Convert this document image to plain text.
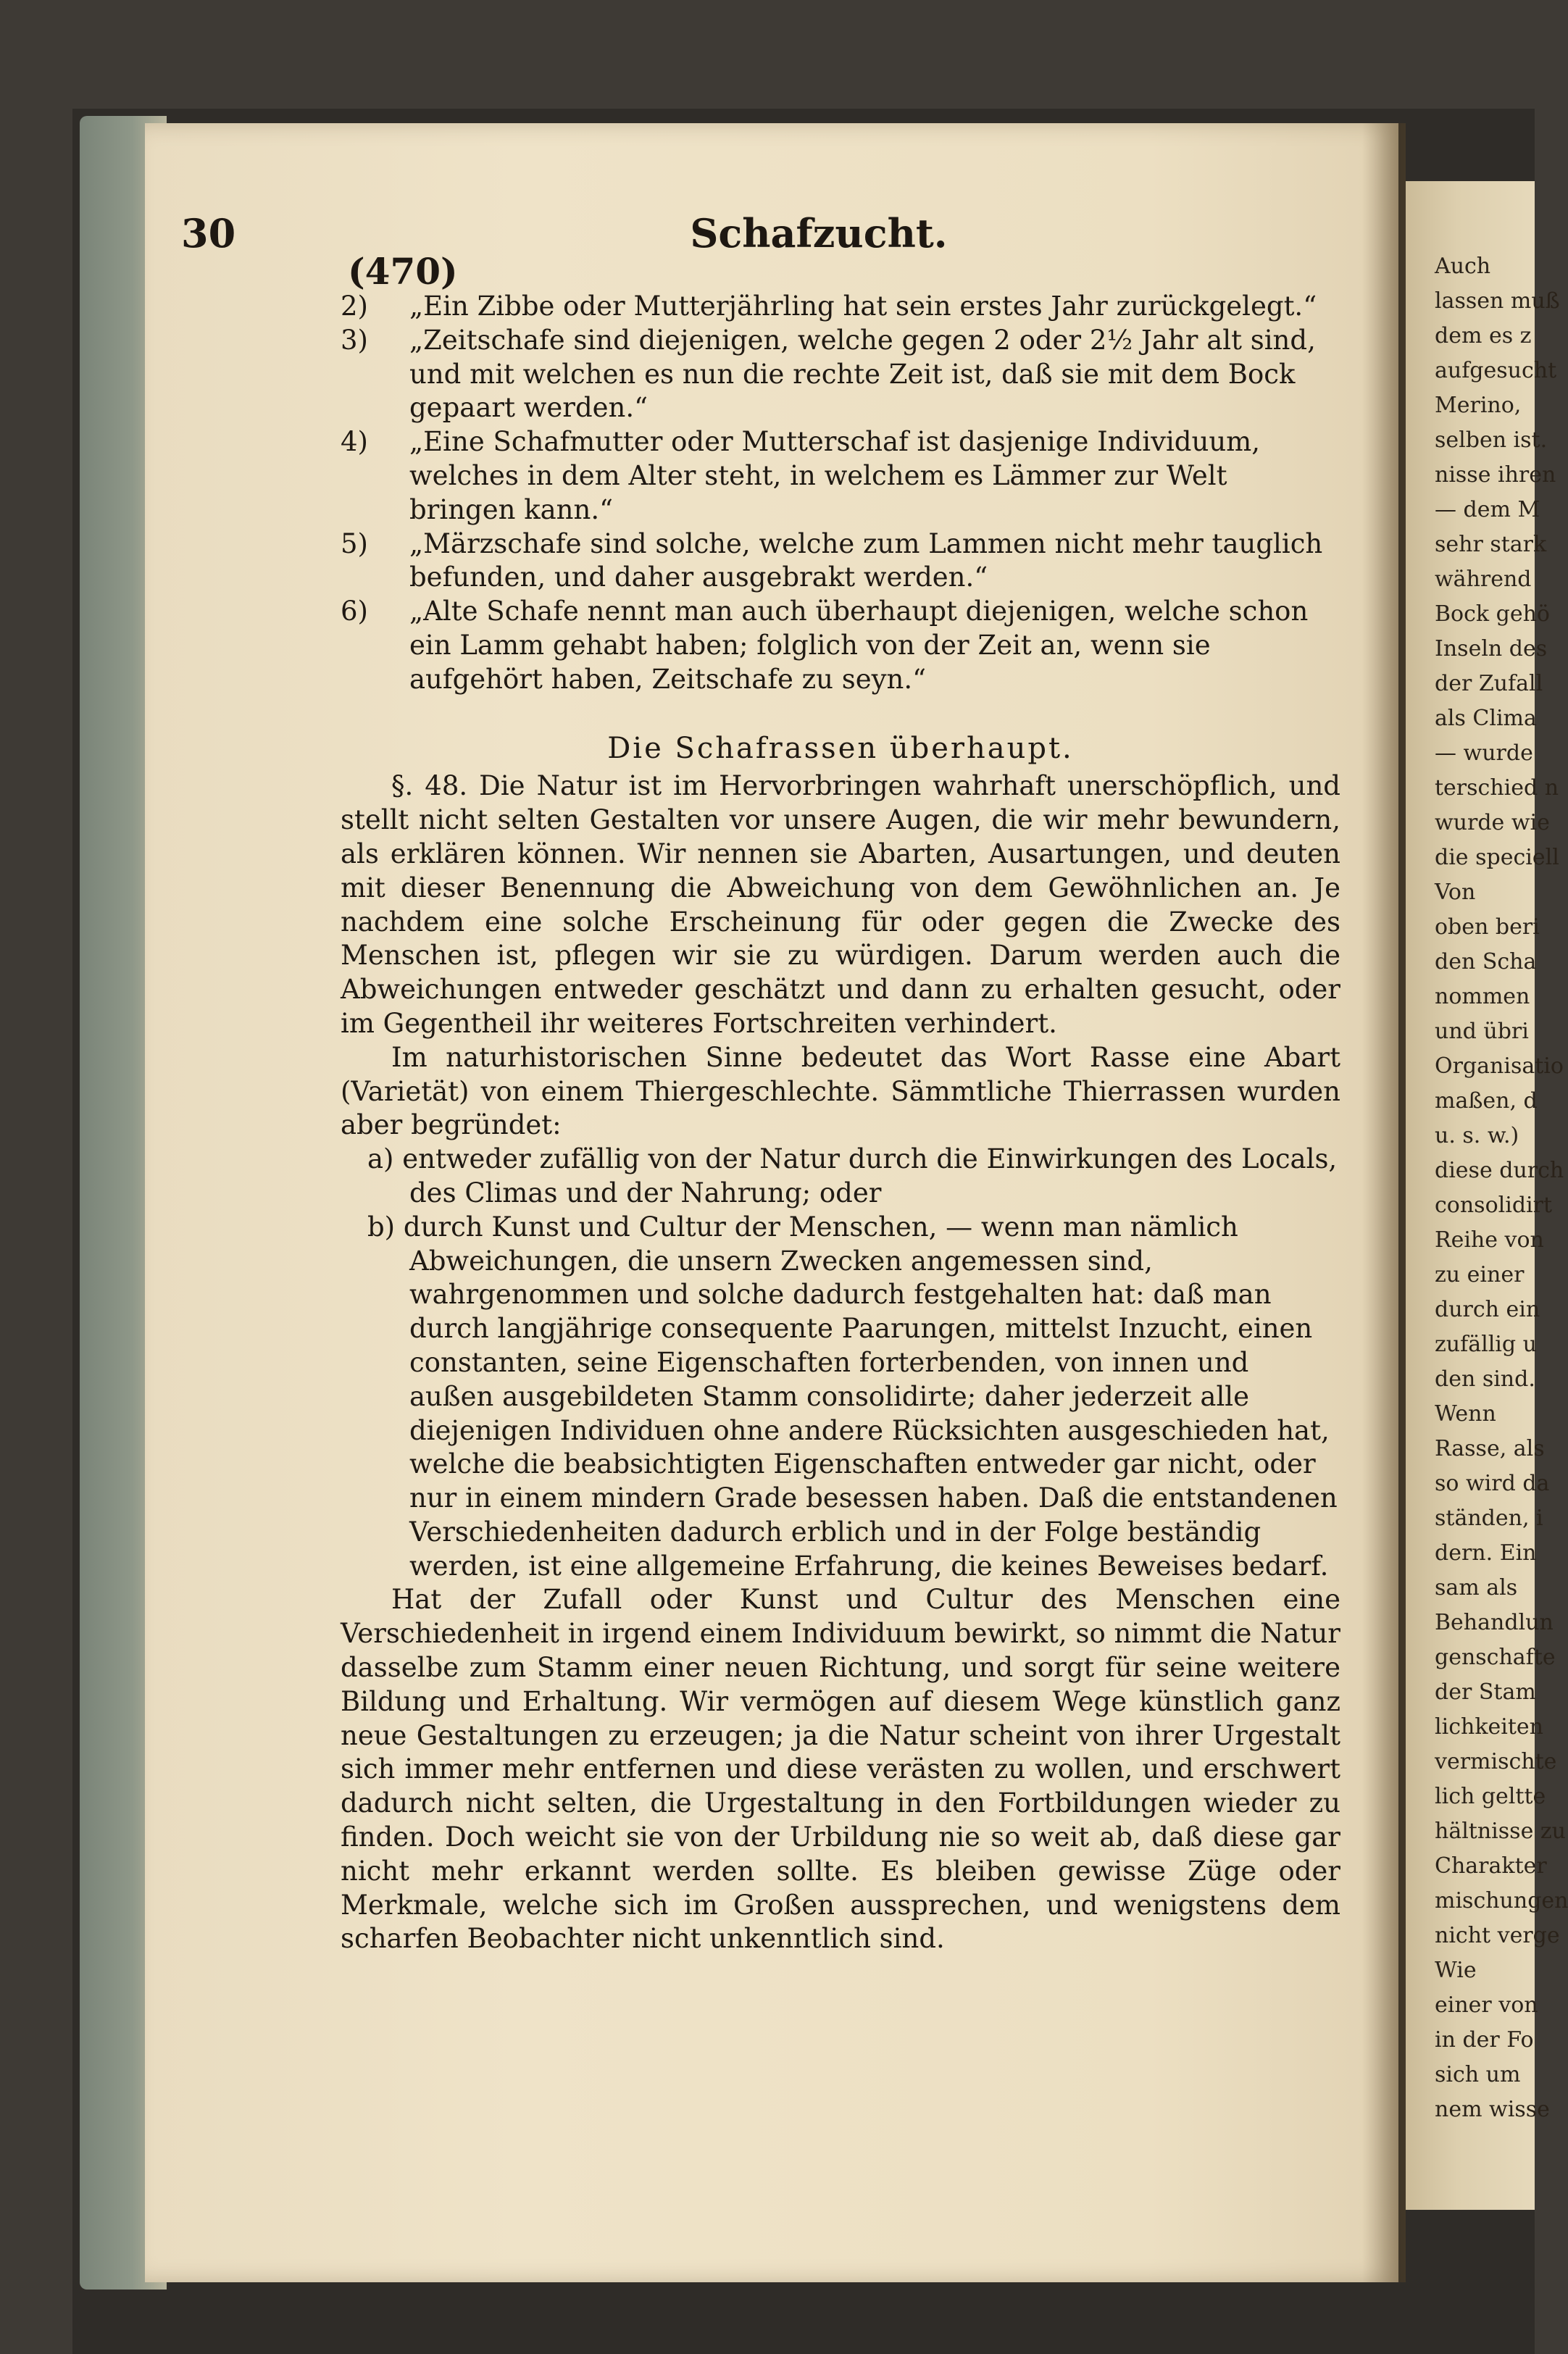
Auch
lassen muß
dem es z
aufgesucht
Merino,
selben ist.
nisse ihren
— dem M
sehr stark
während
Bock gehö
Inseln des
der Zufall
als Clima
— wurde
terschied n
wurde wie
die speciell
Von
oben beri
den Scha
nommen
und übri
Organisatio
maßen, d
u. s. w.)
diese durch
consolidirt
Reihe von
zu einer
durch ein
zufällig u
den sind.
Wenn
Rasse, als
so wird da
ständen, i
dern. Ein
sam als
Behandlun
genschafte
der Stam
lichkeiten
vermischte
lich geltte
hältnisse zu
Charakter
mischungen
nicht verge
Wie
einer von
in der Fo
sich um
nem wisse
30	Schafzucht.
(470)

2) „Ein Zibbe oder Mutterjährling hat sein erstes Jahr zurückgelegt.“

3) „Zeitschafe sind diejenigen, welche gegen 2 oder 2½ Jahr alt sind, und mit welchen es nun die rechte Zeit ist, daß sie mit dem Bock gepaart werden.“

4) „Eine Schafmutter oder Mutterschaf ist dasjenige Individuum, welches in dem Alter steht, in welchem es Lämmer zur Welt bringen kann.“

5) „Märzschafe sind solche, welche zum Lammen nicht mehr tauglich befunden, und daher ausgebrakt werden.“

6) „Alte Schafe nennt man auch überhaupt diejenigen, welche schon ein Lamm gehabt haben; folglich von der Zeit an, wenn sie aufgehört haben, Zeitschafe zu seyn.“

Die Schafrassen überhaupt.

§. 48. Die Natur ist im Hervorbringen wahrhaft unerschöpflich, und stellt nicht selten Gestalten vor unsere Augen, die wir mehr bewundern, als erklären können. Wir nennen sie Abarten, Ausartungen, und deuten mit dieser Benennung die Abweichung von dem Gewöhnlichen an. Je nachdem eine solche Erscheinung für oder gegen die Zwecke des Menschen ist, pflegen wir sie zu würdigen. Darum werden auch die Abweichungen entweder geschätzt und dann zu erhalten gesucht, oder im Gegentheil ihr weiteres Fortschreiten verhindert.

Im naturhistorischen Sinne bedeutet das Wort Rasse eine Abart (Varietät) von einem Thiergeschlechte. Sämmtliche Thierrassen wurden aber begründet:

a) entweder zufällig von der Natur durch die Einwirkungen des Locals, des Climas und der Nahrung; oder

b) durch Kunst und Cultur der Menschen, — wenn man nämlich Abweichungen, die unsern Zwecken angemessen sind, wahrgenommen und solche dadurch festgehalten hat: daß man durch langjährige consequente Paarungen, mittelst Inzucht, einen constanten, seine Eigenschaften forterbenden, von innen und außen ausgebildeten Stamm consolidirte; daher jederzeit alle diejenigen Individuen ohne andere Rücksichten ausgeschieden hat, welche die beabsichtigten Eigenschaften entweder gar nicht, oder nur in einem mindern Grade besessen haben. Daß die entstandenen Verschiedenheiten dadurch erblich und in der Folge beständig werden, ist eine allgemeine Erfahrung, die keines Beweises bedarf.

Hat der Zufall oder Kunst und Cultur des Menschen eine Verschiedenheit in irgend einem Individuum bewirkt, so nimmt die Natur dasselbe zum Stamm einer neuen Richtung, und sorgt für seine weitere Bildung und Erhaltung. Wir vermögen auf diesem Wege künstlich ganz neue Gestaltungen zu erzeugen; ja die Natur scheint von ihrer Urgestalt sich immer mehr entfernen und diese verästen zu wollen, und erschwert dadurch nicht selten, die Urgestaltung in den Fortbildungen wieder zu finden. Doch weicht sie von der Urbildung nie so weit ab, daß diese gar nicht mehr erkannt werden sollte. Es bleiben gewisse Züge oder Merkmale, welche sich im Großen aussprechen, und wenigstens dem scharfen Beobachter nicht unkenntlich sind.
